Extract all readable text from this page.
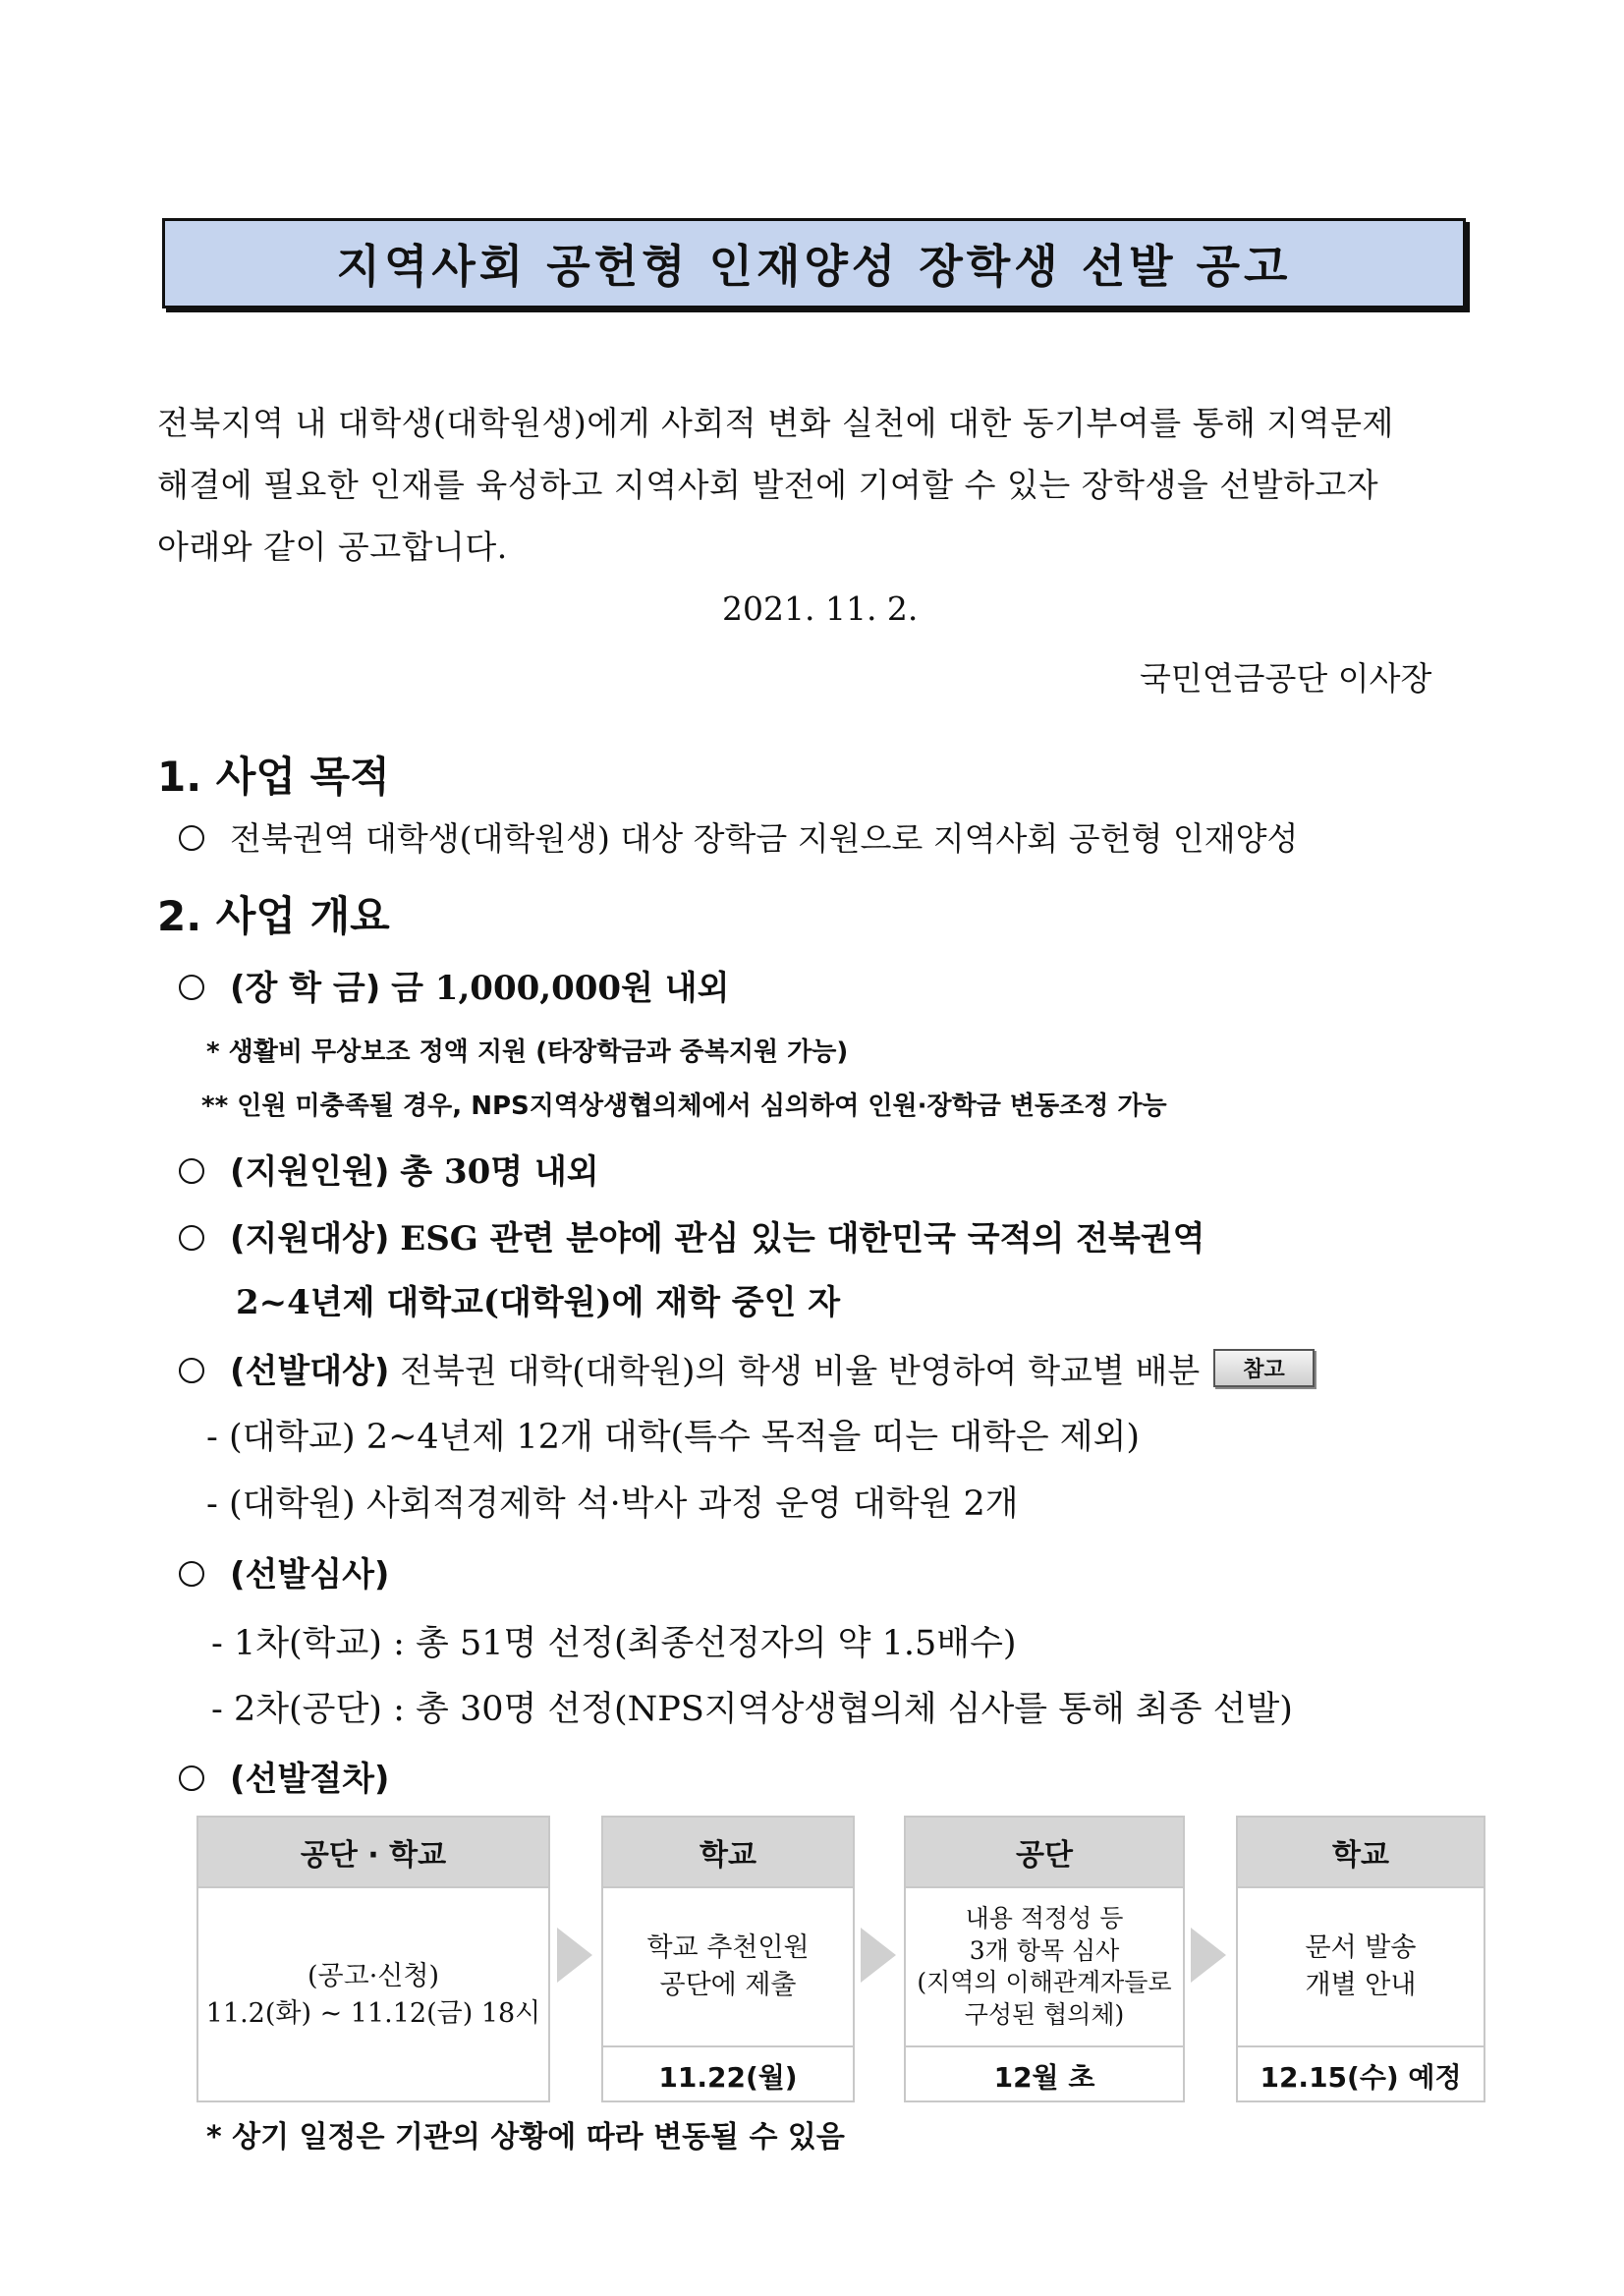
지역사회 공헌형 인재양성 장학생 선발 공고
전북지역 내 대학생(대학원생)에게 사회적 변화 실천에 대한 동기부여를 통해 지역문제
해결에 필요한 인재를 육성하고 지역사회 발전에 기여할 수 있는 장학생을 선발하고자
아래와 같이 공고합니다.
2021. 11. 2.
국민연금공단 이사장
1. 사업 목적
전북권역 대학생(대학원생) 대상 장학금 지원으로 지역사회 공헌형 인재양성
2. 사업 개요
(장 학 금) 금 1,000,000원 내외
* 생활비 무상보조 정액 지원 (타장학금과 중복지원 가능)
** 인원 미충족될 경우, NPS지역상생협의체에서 심의하여 인원·장학금 변동조정 가능
(지원인원) 총 30명 내외
(지원대상) ESG 관련 분야에 관심 있는 대한민국 국적의 전북권역
2~4년제 대학교(대학원)에 재학 중인 자
(선발대상) 전북권 대학(대학원)의 학생 비율 반영하여 학교별 배분 참고
- (대학교) 2~4년제 12개 대학(특수 목적을 띠는 대학은 제외)
- (대학원) 사회적경제학 석·박사 과정 운영 대학원 2개
(선발심사)
- 1차(학교) : 총 51명 선정(최종선정자의 약 1.5배수)
- 2차(공단) : 총 30명 선정(NPS지역상생협의체 심사를 통해 최종 선발)
(선발절차)
공단 · 학교
(공고·신청)
11.2(화) ~ 11.12(금) 18시
학교
학교 추천인원
공단에 제출
11.22(월)
공단
내용 적정성 등
3개 항목 심사
(지역의 이해관계자들로
구성된 협의체)
12월 초
학교
문서 발송
개별 안내
12.15(수) 예정
* 상기 일정은 기관의 상황에 따라 변동될 수 있음
